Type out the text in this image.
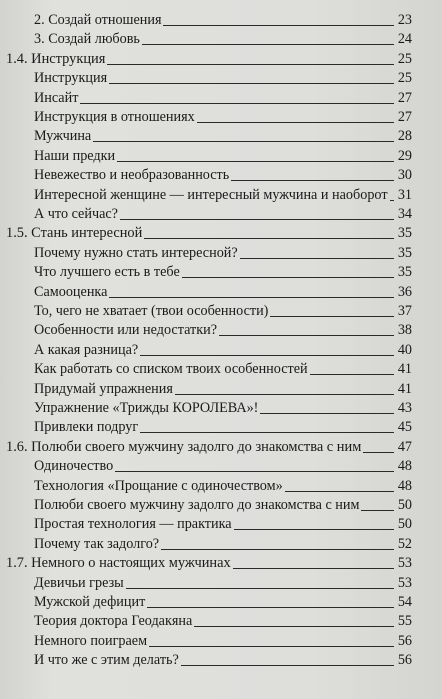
2. Создай отношения	23
3. Создай любовь	24
1.4. Инструкция	25
Инструкция	25
Инсайт	27
Инструкция в отношениях	27
Мужчина	28
Наши предки	29
Невежество и необразованность	30
Интересной женщине — интересный мужчина и наоборот 31
А что сейчас?	34
1.5. Стань интересной	35
Почему нужно стать интересной?	35
Что лучшего есть в тебе	35
Самооценка	36
То, чего не хватает (твои особенности)	37
Особенности или недостатки?	38
А какая разница?	40
Как работать со списком твоих особенностей	41
Придумай упражнения	41
Упражнение «Трижды КОРОЛЕВА»!	43
Привлеки подруг	45
1.6. Полюби своего мужчину задолго до знакомства с ним	47
Одиночество	48
Технология «Прощание с одиночеством»	48
Полюби своего мужчину задолго до знакомства с ним	50
Простая технология — практика	50
Почему так задолго?	52
1.7. Немного о настоящих мужчинах	53
Девичьи грезы	53
Мужской дефицит	54
Теория доктора Геодакяна	55
Немного поиграем	56
И что же с этим делать?	56
